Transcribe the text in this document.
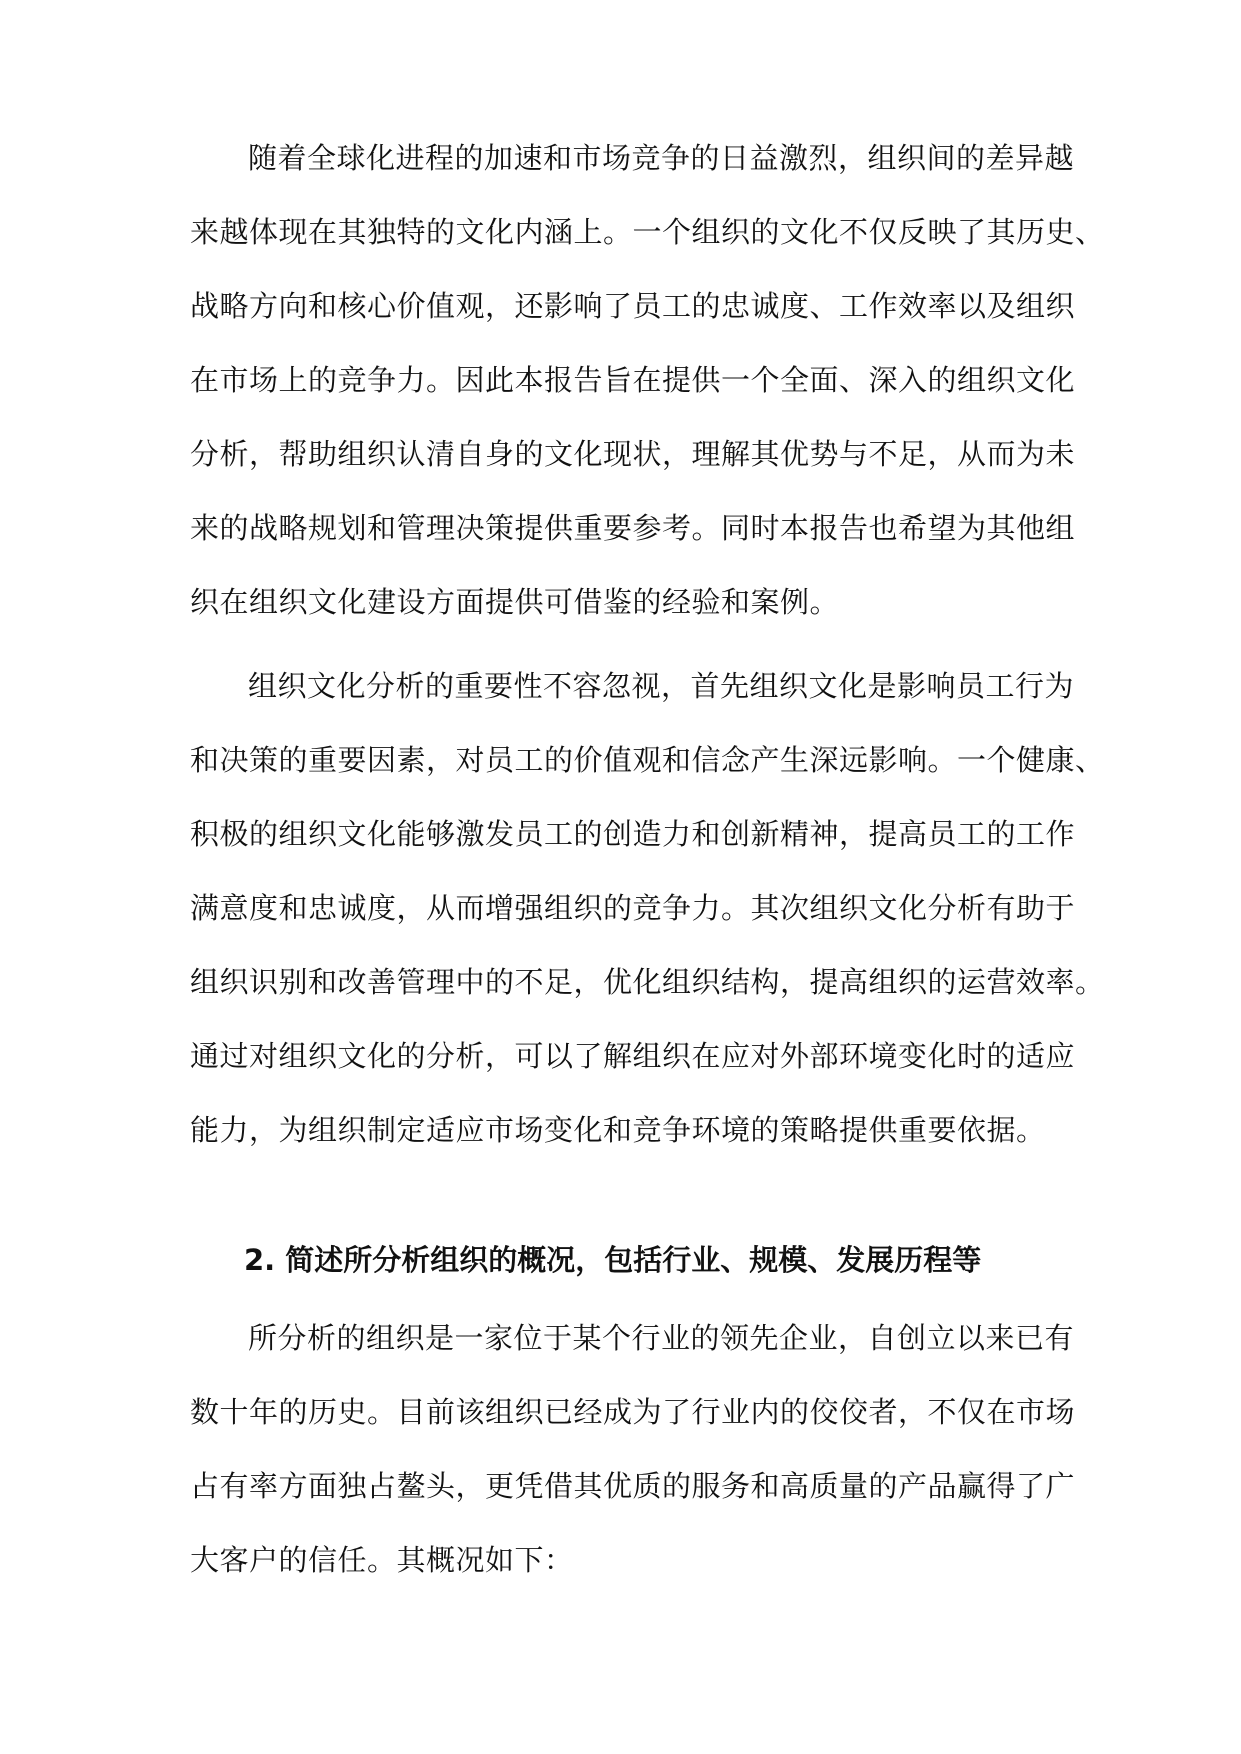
随着全球化进程的加速和市场竞争的日益激烈，组织间的差异越
来越体现在其独特的文化内涵上。一个组织的文化不仅反映了其历史、
战略方向和核心价值观，还影响了员工的忠诚度、工作效率以及组织
在市场上的竞争力。因此本报告旨在提供一个全面、深入的组织文化
分析，帮助组织认清自身的文化现状，理解其优势与不足，从而为未
来的战略规划和管理决策提供重要参考。同时本报告也希望为其他组
织在组织文化建设方面提供可借鉴的经验和案例。
组织文化分析的重要性不容忽视，首先组织文化是影响员工行为
和决策的重要因素，对员工的价值观和信念产生深远影响。一个健康、
积极的组织文化能够激发员工的创造力和创新精神，提高员工的工作
满意度和忠诚度，从而增强组织的竞争力。其次组织文化分析有助于
组织识别和改善管理中的不足，优化组织结构，提高组织的运营效率。
通过对组织文化的分析，可以了解组织在应对外部环境变化时的适应
能力，为组织制定适应市场变化和竞争环境的策略提供重要依据。
2. 简述所分析组织的概况，包括行业、规模、发展历程等
所分析的组织是一家位于某个行业的领先企业，自创立以来已有
数十年的历史。目前该组织已经成为了行业内的佼佼者，不仅在市场
占有率方面独占鳌头，更凭借其优质的服务和高质量的产品赢得了广
大客户的信任。其概况如下：
